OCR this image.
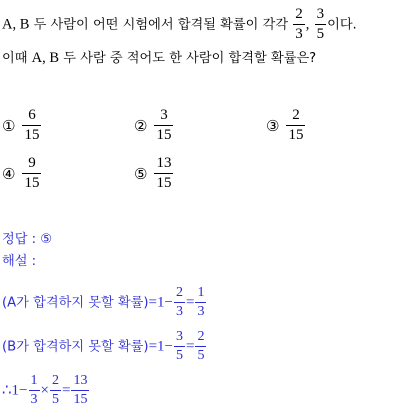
A, B 두 사람이 어떤 시험에서 합격될 확률이 각각 $\frac{2}{3}$ , $\frac{3}{5}$ 이다.
이때 A, B 두 사람 중 적어도 한 사람이 합격할 확률은?
① $\frac{6}{15}$	② $\frac{3}{15}$	③ $\frac{2}{15}$
④ $\frac{9}{15}$	⑤ $\frac{13}{15}$
정답 : ⑤
해설 :
(A가 합격하지 못할 확률)$=1- \frac{2}{3} = \frac{1}{3}$
(B가 합격하지 못할 확률)$=1- \frac{3}{5} = \frac{2}{5}$
∴1− $\frac{1}{3} \times \frac{2}{5} = \frac{13}{15}$
